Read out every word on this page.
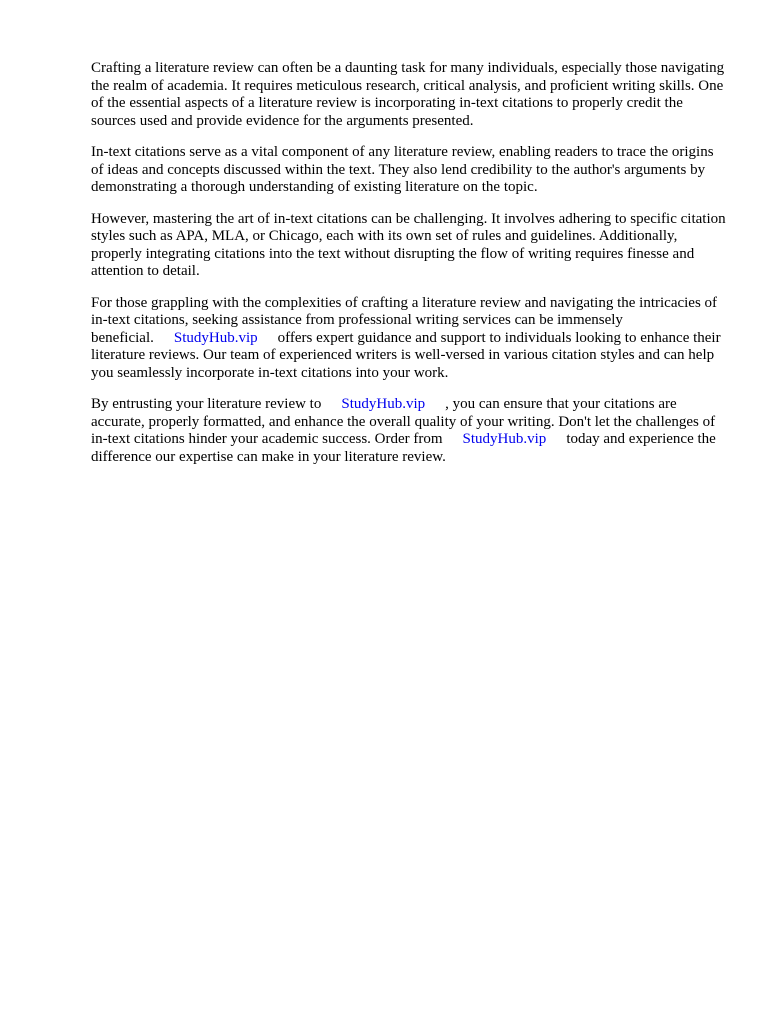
Crafting a literature review can often be a daunting task for many individuals, especially those navigating the realm of academia. It requires meticulous research, critical analysis, and proficient writing skills. One of the essential aspects of a literature review is incorporating in-text citations to properly credit the sources used and provide evidence for the arguments presented.

In-text citations serve as a vital component of any literature review, enabling readers to trace the origins of ideas and concepts discussed within the text. They also lend credibility to the author's arguments by demonstrating a thorough understanding of existing literature on the topic.

However, mastering the art of in-text citations can be challenging. It involves adhering to specific citation styles such as APA, MLA, or Chicago, each with its own set of rules and guidelines. Additionally, properly integrating citations into the text without disrupting the flow of writing requires finesse and attention to detail.

For those grappling with the complexities of crafting a literature review and navigating the intricacies of in-text citations, seeking assistance from professional writing services can be immensely beneficial. StudyHub.vip offers expert guidance and support to individuals looking to enhance their literature reviews. Our team of experienced writers is well-versed in various citation styles and can help you seamlessly incorporate in-text citations into your work.

By entrusting your literature review to StudyHub.vip , you can ensure that your citations are accurate, properly formatted, and enhance the overall quality of your writing. Don't let the challenges of in-text citations hinder your academic success. Order from StudyHub.vip today and experience the difference our expertise can make in your literature review.
